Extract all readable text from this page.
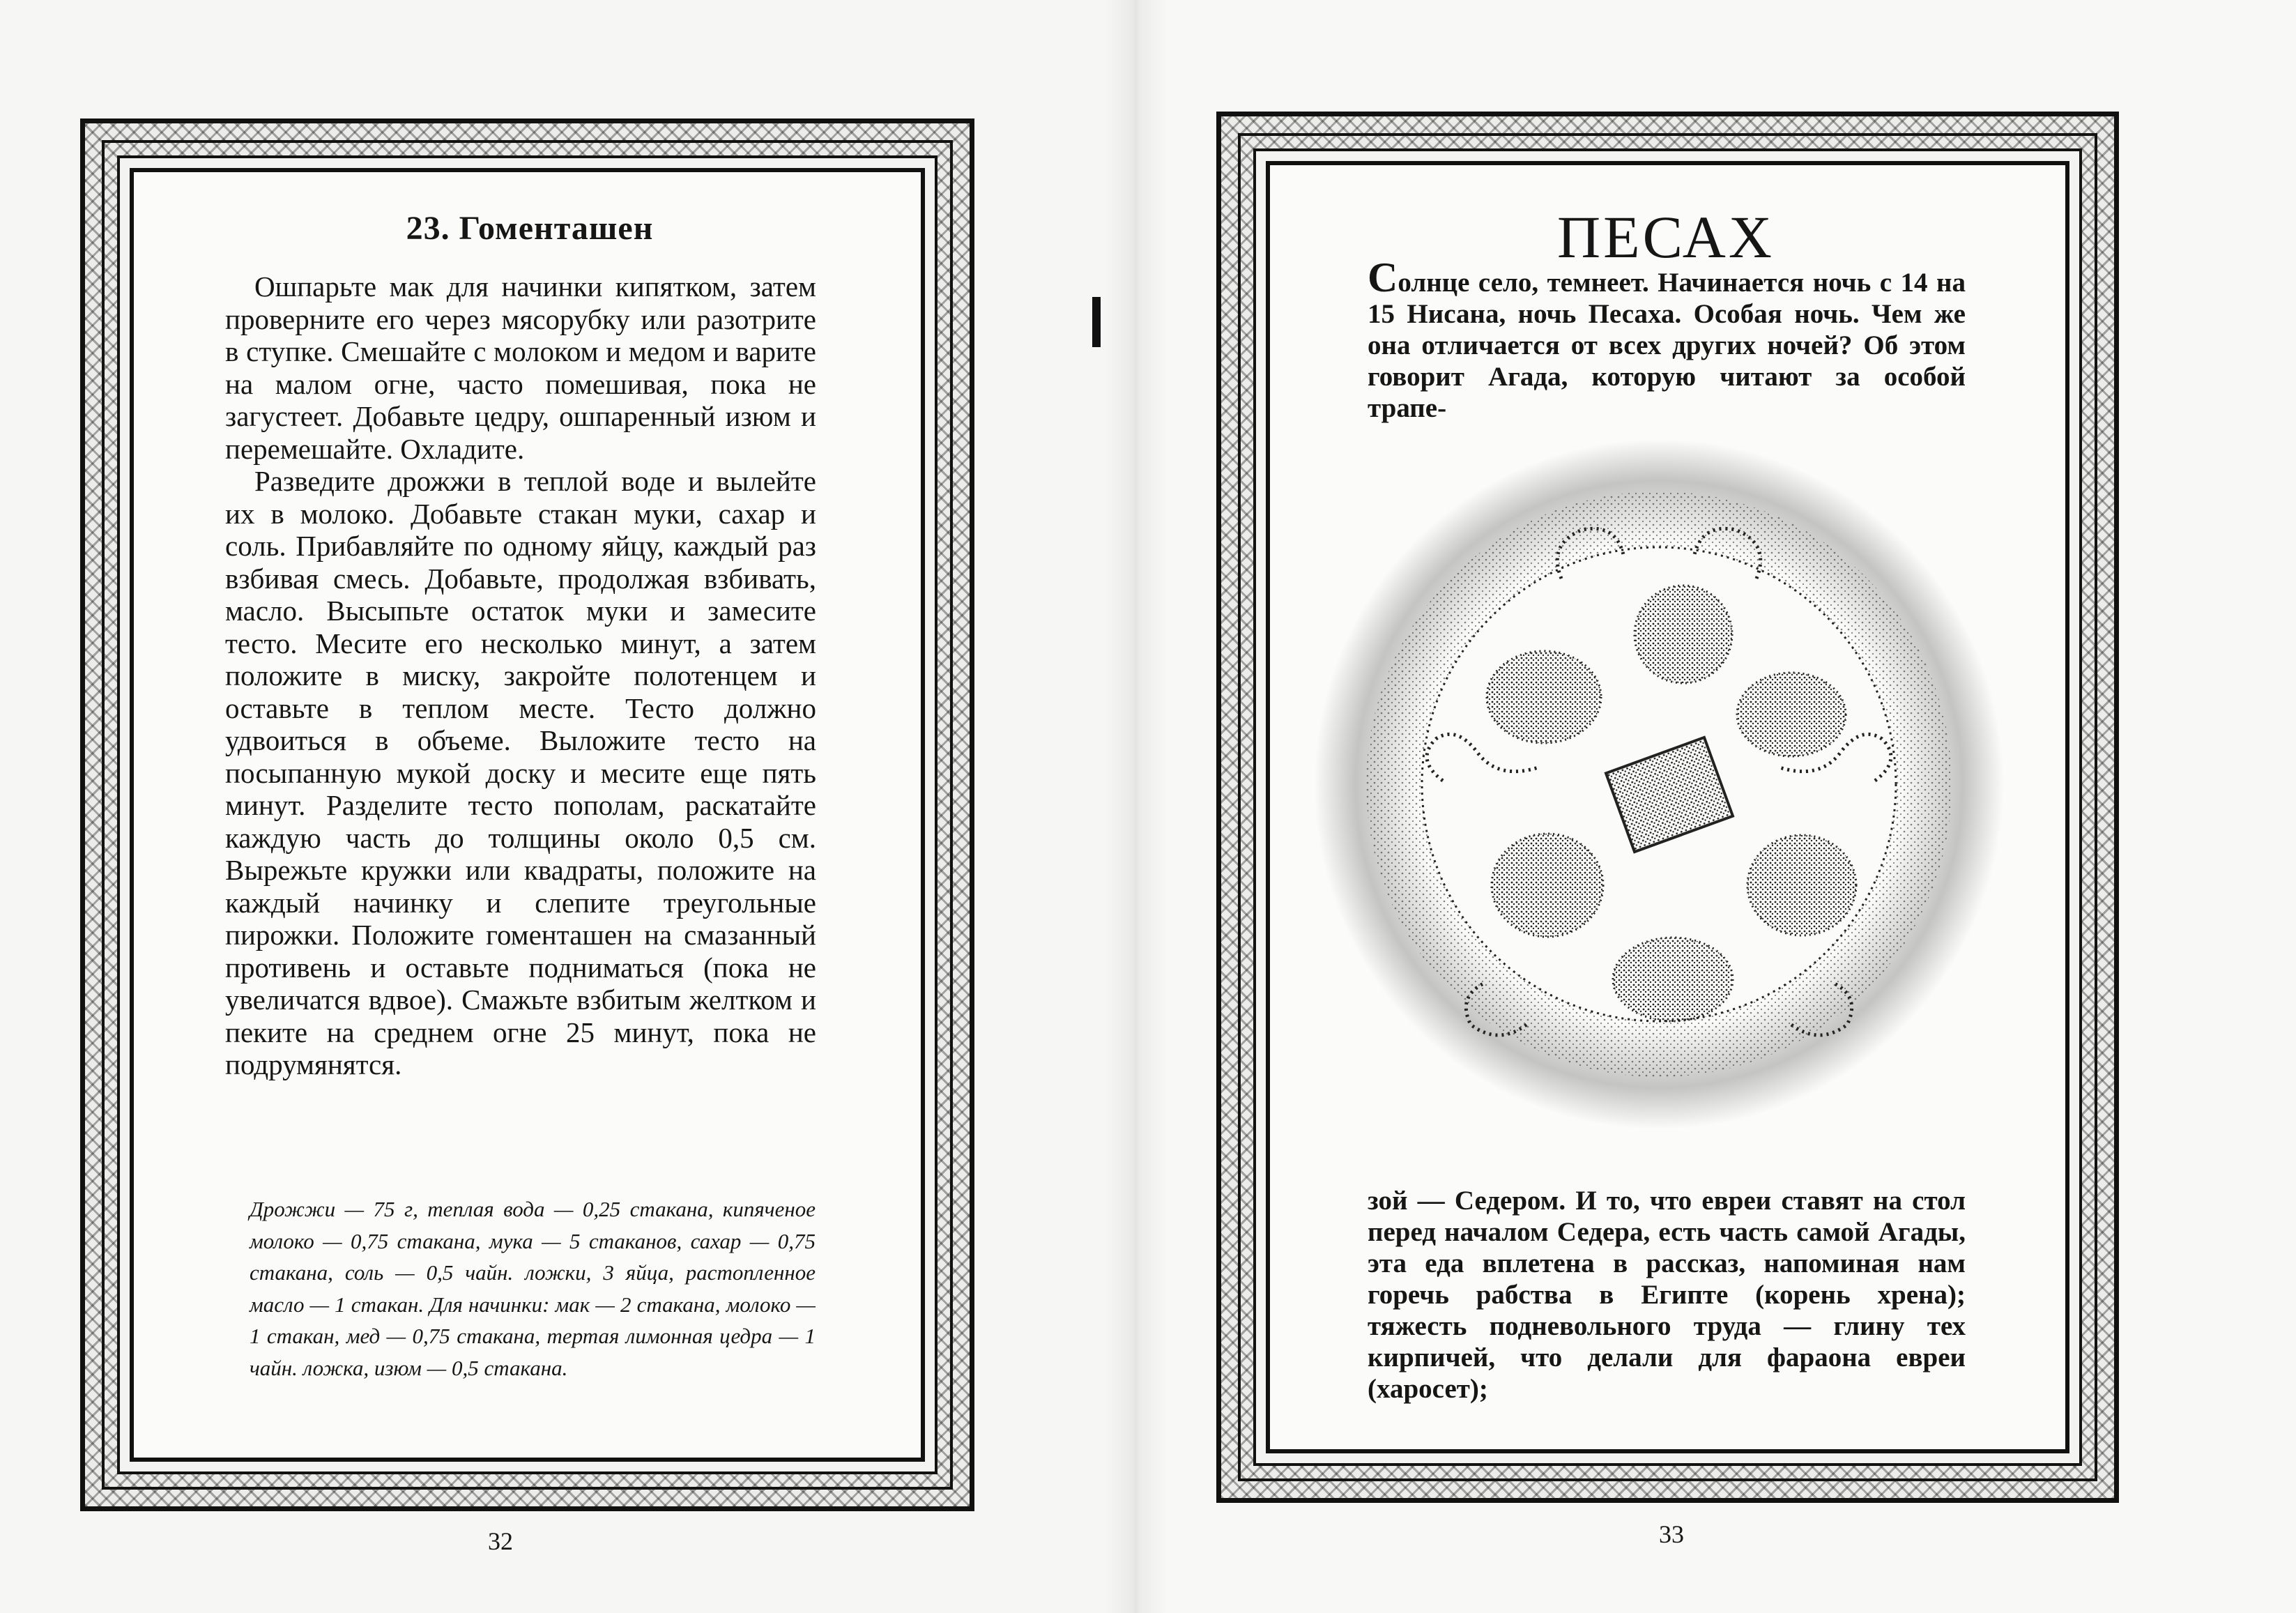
23. Гоменташен

Ошпарьте мак для начинки кипятком, затем проверните его через мясорубку или разотрите в ступке. Смешайте с молоком и медом и варите на малом огне, часто помешивая, пока не загустеет. Добавьте цедру, ошпаренный изюм и перемешайте. Охладите.

Разведите дрожжи в теплой воде и вылейте их в молоко. Добавьте стакан муки, сахар и соль. Прибавляйте по одному яйцу, каждый раз взбивая смесь. Добавьте, продолжая взбивать, масло. Высыпьте остаток муки и замесите тесто. Месите его несколько минут, а затем положите в миску, закройте полотенцем и оставьте в теплом месте. Тесто должно удвоиться в объеме. Выложите тесто на посыпанную мукой доску и месите еще пять минут. Разделите тесто пополам, раскатайте каждую часть до толщины около 0,5 см. Вырежьте кружки или квадраты, положите на каждый начинку и слепите треугольные пирожки. Положите гоменташен на смазанный противень и оставьте подниматься (пока не увеличатся вдвое). Смажьте взбитым желтком и пеките на среднем огне 25 минут, пока не подрумянятся.

Дрожжи — 75 г, теплая вода — 0,25 стакана, кипяченое молоко — 0,75 стакана, мука — 5 стаканов, сахар — 0,75 стакана, соль — 0,5 чайн. ложки, 3 яйца, растопленное масло — 1 стакан. Для начинки: мак — 2 стакана, молоко — 1 стакан, мед — 0,75 стакана, тертая лимонная цедра — 1 чайн. ложка, изюм — 0,5 стакана.
32
ПЕСАХ
Солнце село, темнеет. Начинается ночь с 14 на 15 Нисана, ночь Песаха. Особая ночь. Чем же она отличается от всех других ночей? Об этом говорит Агада, которую читают за особой трапе-
зой — Седером. И то, что евреи ставят на стол перед началом Седера, есть часть самой Агады, эта еда вплетена в рассказ, напоминая нам горечь рабства в Египте (корень хрена); тяжесть подневольного труда — глину тех кирпичей, что делали для фараона евреи (харосет);
33
